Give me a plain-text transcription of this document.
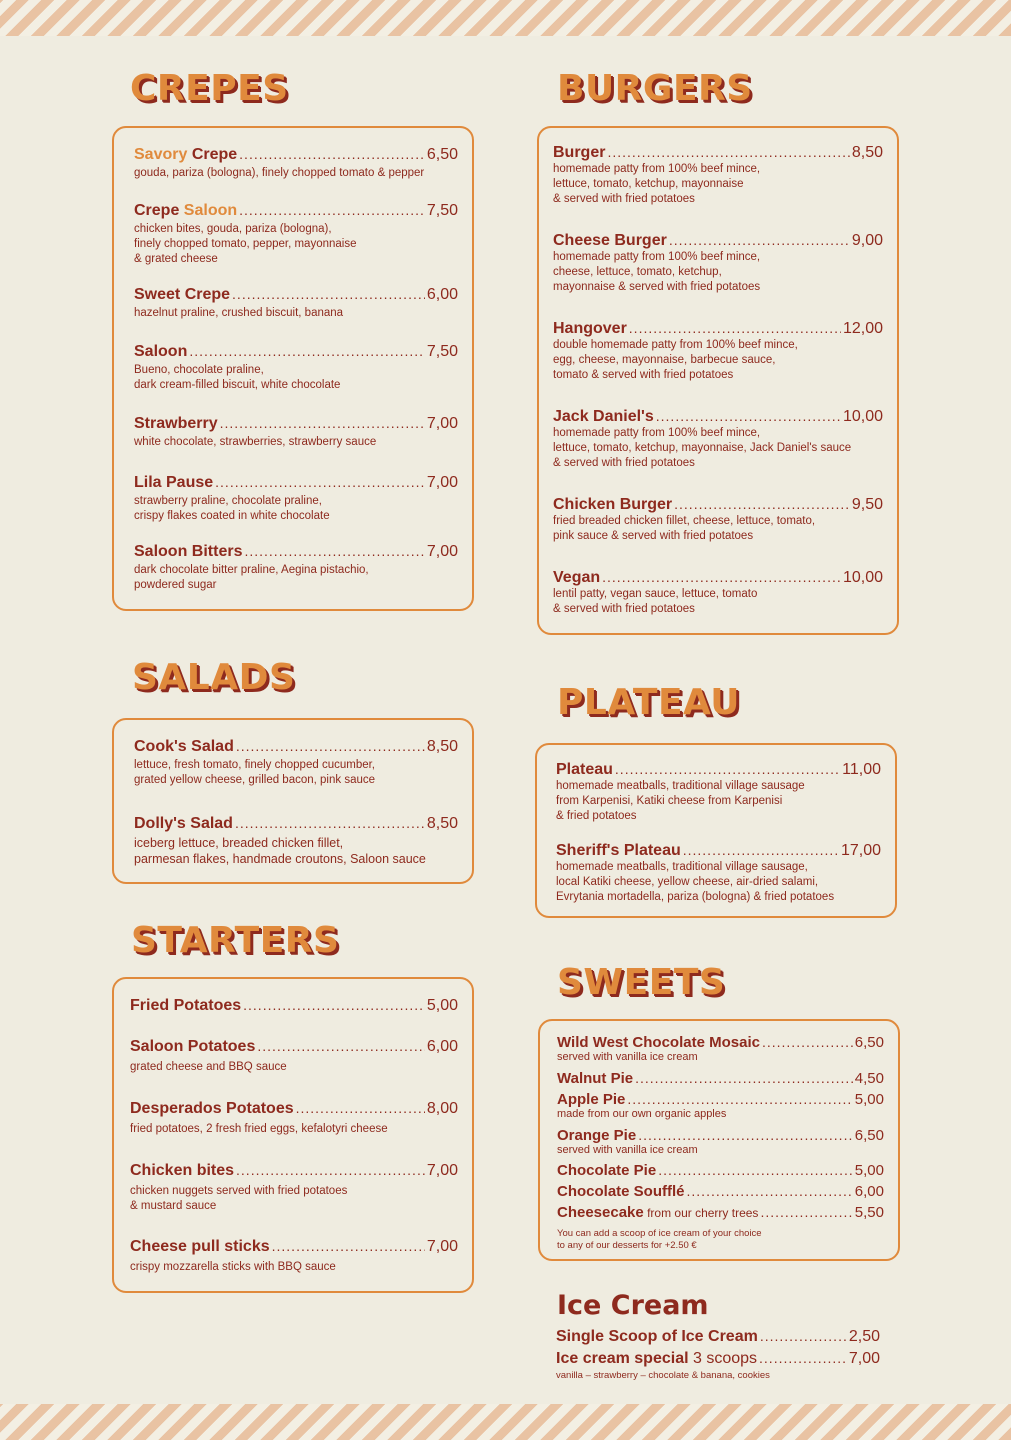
CREPES
Savory Crepe .....	6,50
gouda, pariza (bologna), finely chopped tomato & pepper
Crepe Saloon .....	7,50
chicken bites, gouda, pariza (bologna),
finely chopped tomato, pepper, mayonnaise
& grated cheese
Sweet Crepe .....	6,00
hazelnut praline, crushed biscuit, banana
Saloon .....	7,50
Bueno, chocolate praline,
dark cream-filled biscuit, white chocolate
Strawberry .....	7,00
white chocolate, strawberries, strawberry sauce
Lila Pause .....	7,00
strawberry praline, chocolate praline,
crispy flakes coated in white chocolate
Saloon Bitters .....	7,00
dark chocolate bitter praline, Aegina pistachio,
powdered sugar
SALADS
Cook's Salad .....	8,50
lettuce, fresh tomato, finely chopped cucumber,
grated yellow cheese, grilled bacon, pink sauce
Dolly's Salad .....	8,50
iceberg lettuce, breaded chicken fillet,
parmesan flakes, handmade croutons, Saloon sauce
STARTERS
Fried Potatoes .....	5,00
Saloon Potatoes .....	6,00
grated cheese and BBQ sauce
Desperados Potatoes .....	8,00
fried potatoes, 2 fresh fried eggs, kefalotyri cheese
Chicken bites .....	7,00
chicken nuggets served with fried potatoes
& mustard sauce
Cheese pull sticks .....	7,00
crispy mozzarella sticks with BBQ sauce
BURGERS
Burger .....	8,50
homemade patty from 100% beef mince,
lettuce, tomato, ketchup, mayonnaise
& served with fried potatoes
Cheese Burger .....	9,00
homemade patty from 100% beef mince,
cheese, lettuce, tomato, ketchup,
mayonnaise & served with fried potatoes
Hangover .....	12,00
double homemade patty from 100% beef mince,
egg, cheese, mayonnaise, barbecue sauce,
tomato & served with fried potatoes
Jack Daniel's .....	10,00
homemade patty from 100% beef mince,
lettuce, tomato, ketchup, mayonnaise, Jack Daniel's sauce
& served with fried potatoes
Chicken Burger .....	9,50
fried breaded chicken fillet, cheese, lettuce, tomato,
pink sauce & served with fried potatoes
Vegan .....	10,00
lentil patty, vegan sauce, lettuce, tomato
& served with fried potatoes
PLATEAU
Plateau .....	11,00
homemade meatballs, traditional village sausage
from Karpenisi, Katiki cheese from Karpenisi
& fried potatoes
Sheriff's Plateau .....	17,00
homemade meatballs, traditional village sausage,
local Katiki cheese, yellow cheese, air-dried salami,
Evrytania mortadella, pariza (bologna) & fried potatoes
SWEETS
Wild West Chocolate Mosaic .....	6,50
served with vanilla ice cream
Walnut Pie .....	4,50
Apple Pie .....	5,00
made from our own organic apples
Orange Pie .....	6,50
served with vanilla ice cream
Chocolate Pie .....	5,00
Chocolate Soufflé .....	6,00
Cheesecake from our cherry trees .....	5,50
You can add a scoop of ice cream of your choice
to any of our desserts for +2.50 €
Ice Cream
Single Scoop of Ice Cream .....	2,50
Ice cream special 3 scoops .....	7,00
vanilla – strawberry – chocolate & banana, cookies
